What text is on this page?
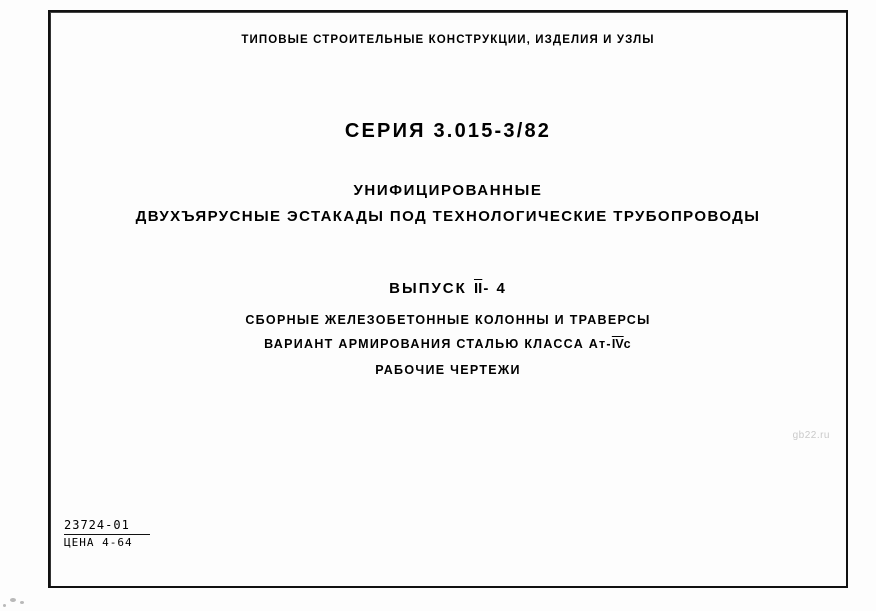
ТИПОВЫЕ СТРОИТЕЛЬНЫЕ КОНСТРУКЦИИ, ИЗДЕЛИЯ И УЗЛЫ
СЕРИЯ 3.015-3/82
УНИФИЦИРОВАННЫЕ
ДВУХЪЯРУСНЫЕ ЭСТАКАДЫ ПОД ТЕХНОЛОГИЧЕСКИЕ ТРУБОПРОВОДЫ
ВЫПУСК $\overline{II}-$ 4
СБОРНЫЕ ЖЕЛЕЗОБЕТОННЫЕ КОЛОННЫ И ТРАВЕРСЫ
ВАРИАНТ АРМИРОВАНИЯ СТАЛЬЮ КЛАССА $Ат-\overline{IV}с$
РАБОЧИЕ ЧЕРТЕЖИ
gb22.ru
23724-01
ЦЕНА 4-64
